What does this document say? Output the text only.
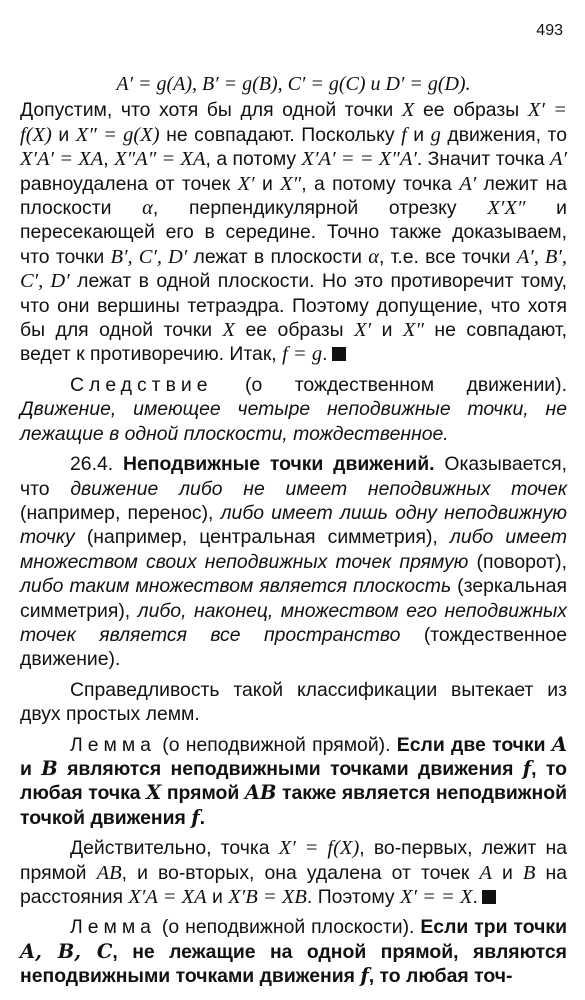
493
A′ = g(A), B′ = g(B), C′ = g(C) и D′ = g(D).

Допустим, что хотя бы для одной точки X ее образы X′ = f(X) и X″ = g(X) не совпадают. Поскольку f и g движения, то X′A′ = XA, X″A″ = XA, а потому X′A′ = = X″A′. Значит точка A′ равноудалена от точек X′ и X″, а потому точка A′ лежит на плоскости α, перпендикулярной отрезку X′X″ и пересекающей его в середине. Точно также доказываем, что точки B′, C′, D′ лежат в плоскости α, т.е. все точки A′, B′, C′, D′ лежат в одной плоскости. Но это противоречит тому, что они вершины тетраэдра. Поэтому допущение, что хотя бы для одной точки X ее образы X′ и X″ не совпадают, ведет к противоречию. Итак, f = g.

Следствие (о тождественном движении). Движение, имеющее четыре неподвижные точки, не лежащие в одной плоскости, тождественное.

26.4. Неподвижные точки движений. Оказывается, что движение либо не имеет неподвижных точек (например, перенос), либо имеет лишь одну неподвижную точку (например, центральная симметрия), либо имеет множеством своих неподвижных точек прямую (поворот), либо таким множеством является плоскость (зеркальная симметрия), либо, наконец, множеством его неподвижных точек является все пространство (тождественное движение).

Справедливость такой классификации вытекает из двух простых лемм.

Лемма (о неподвижной прямой). Если две точки A и B являются неподвижными точками движения f, то любая точка X прямой AB также является неподвижной точкой движения f.

Действительно, точка X′ = f(X), во-первых, лежит на прямой AB, и во-вторых, она удалена от точек A и B на расстояния X′A = XA и X′B = XB. Поэтому X′ = = X.

Лемма (о неподвижной плоскости). Если три точки A, B, C, не лежащие на одной прямой, являются неподвижными точками движения f, то любая точ-
